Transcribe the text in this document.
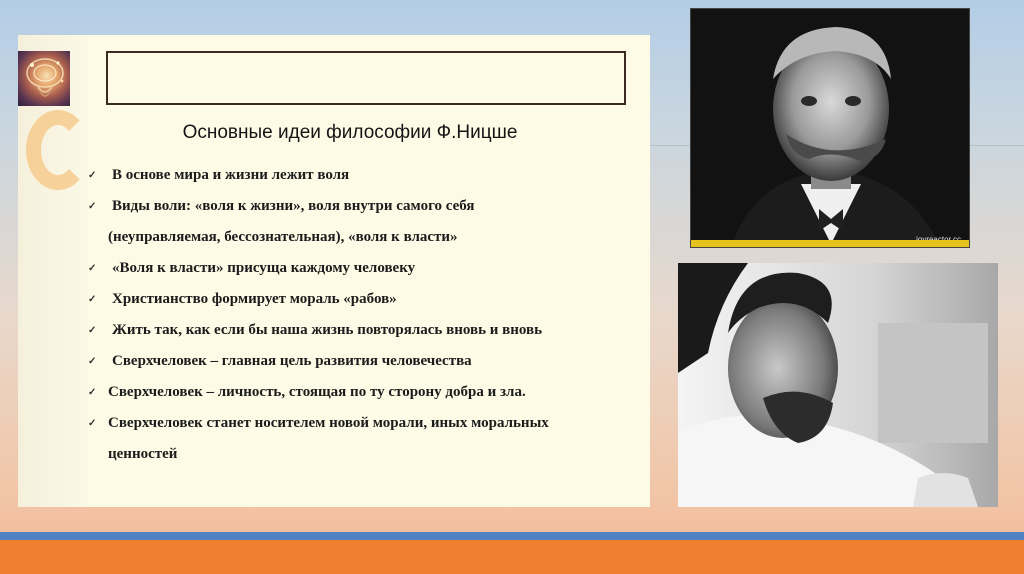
Основные идеи философии Ф.Ницше
✓ В основе мира и жизни лежит воля
✓ Виды воли: «воля к жизни», воля внутри самого себя
(неуправляемая, бессознательная), «воля к власти»
✓ «Воля к власти» присуща каждому человеку
✓ Христианство формирует мораль «рабов»
✓ Жить так, как если бы наша жизнь повторялась вновь и вновь
✓ Сверхчеловек – главная цель развития человечества
✓ Сверхчеловек – личность, стоящая по ту сторону добра и зла.
✓ Сверхчеловек станет носителем новой морали, иных моральных
ценностей
